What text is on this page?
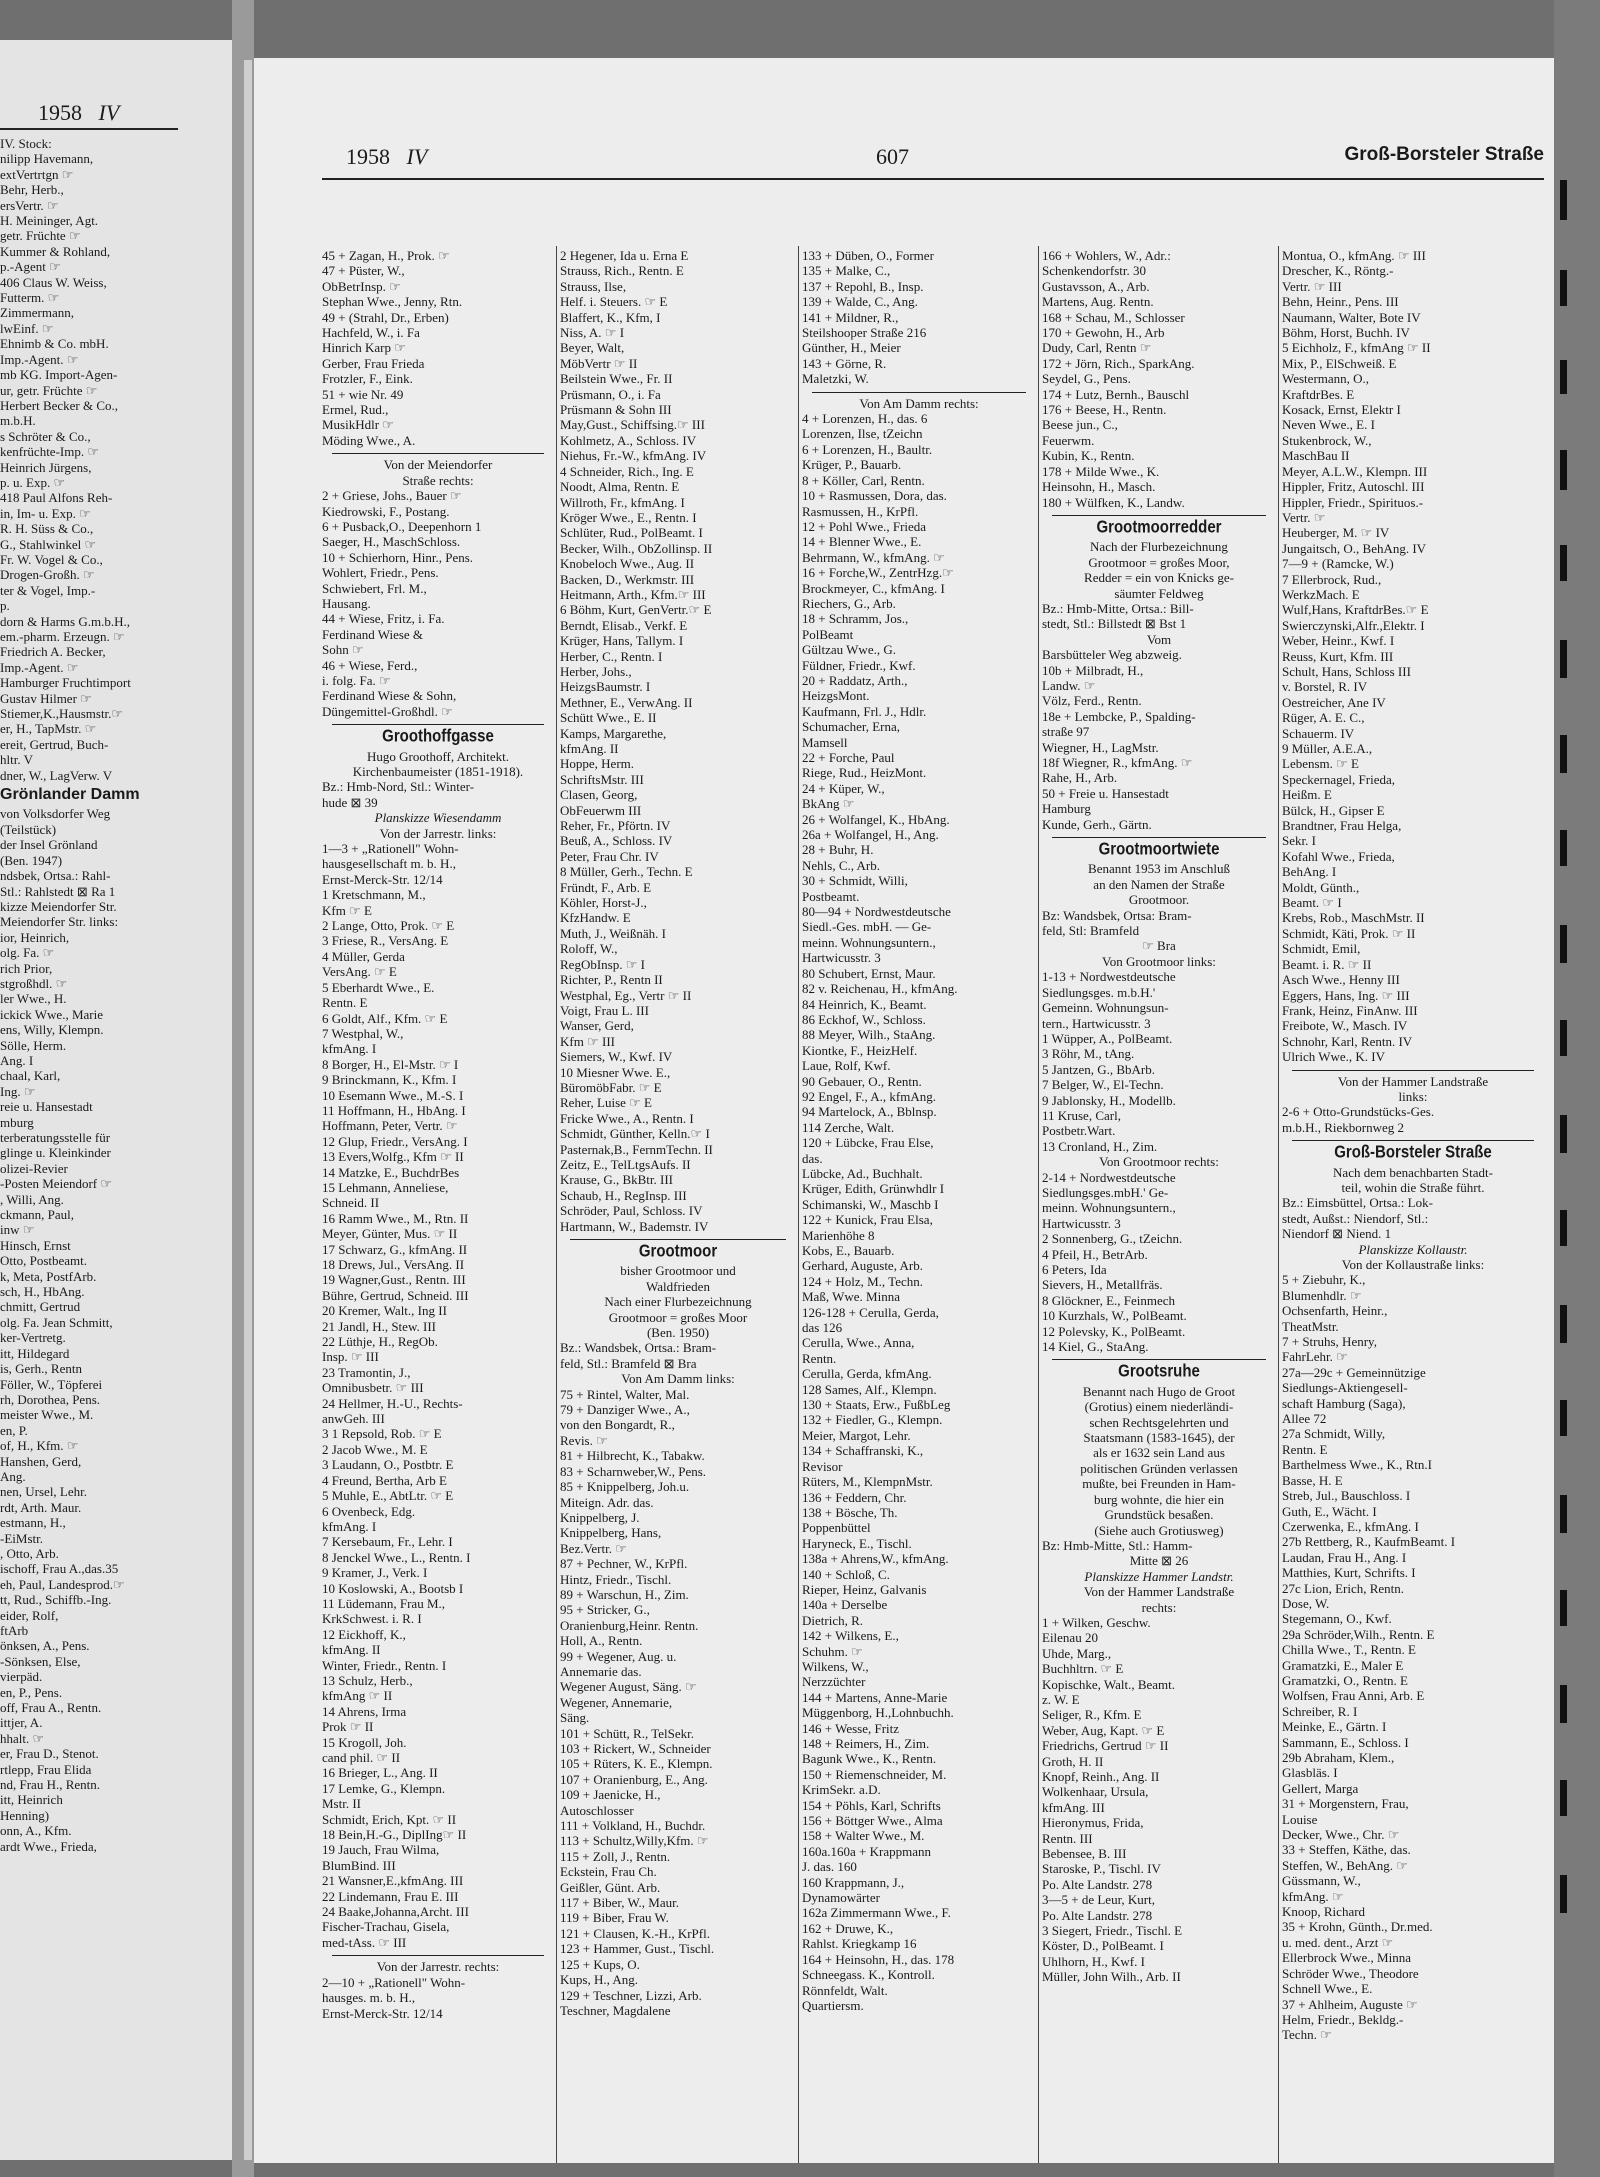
1958 IV
IV. Stock:
nilipp Havemann,
extVertrtgn ☞
Behr, Herb.,
ersVertr. ☞
H. Meininger, Agt.
getr. Früchte ☞
Kummer & Rohland,
p.-Agent ☞
406 Claus W. Weiss,
Futterm. ☞
Zimmermann,
lwEinf. ☞
Ehnimb & Co. mbH.
Imp.-Agent. ☞
mb KG. Import-Agen-
ur, getr. Früchte ☞
Herbert Becker & Co.,
m.b.H.
s Schröter & Co.,
kenfrüchte-Imp. ☞
Heinrich Jürgens,
p. u. Exp. ☞
418 Paul Alfons Reh-
in, Im- u. Exp. ☞
R. H. Süss & Co.,
G., Stahlwinkel ☞
Fr. W. Vogel & Co.,
Drogen-Großh. ☞
ter & Vogel, Imp.-
p.
dorn & Harms G.m.b.H.,
em.-pharm. Erzeugn. ☞
Friedrich A. Becker,
Imp.-Agent. ☞
Hamburger Fruchtimport
Gustav Hilmer ☞
Stiemer,K.,Hausmstr.☞
er, H., TapMstr. ☞
ereit, Gertrud, Buch-
hltr. V
dner, W., LagVerw. V
Grönlander Damm
von Volksdorfer Weg
(Teilstück)
der Insel Grönland
(Ben. 1947)
ndsbek, Ortsa.: Rahl-
Stl.: Rahlstedt ⊠ Ra 1
kizze Meiendorfer Str.
Meiendorfer Str. links:
ior, Heinrich,
olg. Fa. ☞
rich Prior,
stgroßhdl. ☞
ler Wwe., H.
ickick Wwe., Marie
ens, Willy, Klempn.
Sölle, Herm.
Ang. I
chaal, Karl,
Ing. ☞
reie u. Hansestadt
mburg
terberatungsstelle für
glinge u. Kleinkinder
olizei-Revier
-Posten Meiendorf ☞
, Willi, Ang.
ckmann, Paul,
inw ☞
Hinsch, Ernst
Otto, Postbeamt.
k, Meta, PostfArb.
sch, H., HbAng.
chmitt, Gertrud
olg. Fa. Jean Schmitt,
ker-Vertretg.
itt, Hildegard
is, Gerh., Rentn
Föller, W., Töpferei
rh, Dorothea, Pens.
meister Wwe., M.
en, P.
of, H., Kfm. ☞
Hanshen, Gerd,
Ang.
nen, Ursel, Lehr.
rdt, Arth. Maur.
estmann, H.,
-EiMstr.
, Otto, Arb.
ischoff, Frau A.,das.35
eh, Paul, Landesprod.☞
tt, Rud., Schiffb.-Ing.
eider, Rolf,
ftArb
önksen, A., Pens.
-Sönksen, Else,
vierpäd.
en, P., Pens.
off, Frau A., Rentn.
ittjer, A.
hhalt. ☞
er, Frau D., Stenot.
rtlepp, Frau Elida
nd, Frau H., Rentn.
itt, Heinrich
Henning)
onn, A., Kfm.
ardt Wwe., Frieda,
1958 IV	607	Groß-Borsteler Straße
45 + Zagan, H., Prok. ☞
47 + Püster, W.,
ObBetrInsp. ☞
Stephan Wwe., Jenny, Rtn.
49 + (Strahl, Dr., Erben)
Hachfeld, W., i. Fa
Hinrich Karp ☞
Gerber, Frau Frieda
Frotzler, F., Eink.
51 + wie Nr. 49
Ermel, Rud.,
MusikHdlr ☞
Möding Wwe., A.
Von der Meiendorfer
Straße rechts:
2 + Griese, Johs., Bauer ☞
Kiedrowski, F., Postang.
6 + Pusback,O., Deepenhorn 1
Saeger, H., MaschSchloss.
10 + Schierhorn, Hinr., Pens.
Wohlert, Friedr., Pens.
Schwiebert, Frl. M.,
Hausang.
44 + Wiese, Fritz, i. Fa.
Ferdinand Wiese &
Sohn ☞
46 + Wiese, Ferd.,
i. folg. Fa. ☞
Ferdinand Wiese & Sohn,
Düngemittel-Großhdl. ☞
Groothoffgasse
Hugo Groothoff, Architekt.
Kirchenbaumeister (1851-1918).
Bz.: Hmb-Nord, Stl.: Winter-
hude ⊠ 39
Planskizze Wiesendamm
Von der Jarrestr. links:
1—3 + „Rationell" Wohn-
hausgesellschaft m. b. H.,
Ernst-Merck-Str. 12/14
1 Kretschmann, M.,
Kfm ☞ E
2 Lange, Otto, Prok. ☞ E
3 Friese, R., VersAng. E
4 Müller, Gerda
VersAng. ☞ E
5 Eberhardt Wwe., E.
Rentn. E
6 Goldt, Alf., Kfm. ☞ E
7 Westphal, W.,
kfmAng. I
8 Borger, H., El-Mstr. ☞ I
9 Brinckmann, K., Kfm. I
10 Esemann Wwe., M.-S. I
11 Hoffmann, H., HbAng. I
Hoffmann, Peter, Vertr. ☞
12 Glup, Friedr., VersAng. I
13 Evers,Wolfg., Kfm ☞ II
14 Matzke, E., BuchdrBes
15 Lehmann, Anneliese,
Schneid. II
16 Ramm Wwe., M., Rtn. II
Meyer, Günter, Mus. ☞ II
17 Schwarz, G., kfmAng. II
18 Drews, Jul., VersAng. II
19 Wagner,Gust., Rentn. III
Bühre, Gertrud, Schneid. III
20 Kremer, Walt., Ing II
21 Jandl, H., Stew. III
22 Lüthje, H., RegOb.
Insp. ☞ III
23 Tramontin, J.,
Omnibusbetr. ☞ III
24 Hellmer, H.-U., Rechts-
anwGeh. III
3 1 Repsold, Rob. ☞ E
2 Jacob Wwe., M. E
3 Laudann, O., Postbtr. E
4 Freund, Bertha, Arb E
5 Muhle, E., AbtLtr. ☞ E
6 Ovenbeck, Edg.
kfmAng. I
7 Kersebaum, Fr., Lehr. I
8 Jenckel Wwe., L., Rentn. I
9 Kramer, J., Verk. I
10 Koslowski, A., Bootsb I
11 Lüdemann, Frau M.,
KrkSchwest. i. R. I
12 Eickhoff, K.,
kfmAng. II
Winter, Friedr., Rentn. I
13 Schulz, Herb.,
kfmAng ☞ II
14 Ahrens, Irma
Prok ☞ II
15 Krogoll, Joh.
cand phil. ☞ II
16 Brieger, L., Ang. II
17 Lemke, G., Klempn.
Mstr. II
Schmidt, Erich, Kpt. ☞ II
18 Bein,H.-G., DiplIng☞ II
19 Jauch, Frau Wilma,
BlumBind. III
21 Wansner,E.,kfmAng. III
22 Lindemann, Frau E. III
24 Baake,Johanna,Archt. III
Fischer-Trachau, Gisela,
med-tAss. ☞ III
Von der Jarrestr. rechts:
2—10 + „Rationell" Wohn-
hausges. m. b. H.,
Ernst-Merck-Str. 12/14
2 Hegener, Ida u. Erna E
Strauss, Rich., Rentn. E
Strauss, Ilse,
Helf. i. Steuers. ☞ E
Blaffert, K., Kfm, I
Niss, A. ☞ I
Beyer, Walt,
MöbVertr ☞ II
Beilstein Wwe., Fr. II
Prüsmann, O., i. Fa
Prüsmann & Sohn III
May,Gust., Schiffsing.☞ III
Kohlmetz, A., Schloss. IV
Niehus, Fr.-W., kfmAng. IV
4 Schneider, Rich., Ing. E
Noodt, Alma, Rentn. E
Willroth, Fr., kfmAng. I
Kröger Wwe., E., Rentn. I
Schlüter, Rud., PolBeamt. I
Becker, Wilh., ObZollinsp. II
Knobeloch Wwe., Aug. II
Backen, D., Werkmstr. III
Heitmann, Arth., Kfm.☞ III
6 Böhm, Kurt, GenVertr.☞ E
Berndt, Elisab., Verkf. E
Krüger, Hans, Tallym. I
Herber, C., Rentn. I
Herber, Johs.,
HeizgsBaumstr. I
Methner, E., VerwAng. II
Schütt Wwe., E. II
Kamps, Margarethe,
kfmAng. II
Hoppe, Herm.
SchriftsMstr. III
Clasen, Georg,
ObFeuerwm III
Reher, Fr., Pförtn. IV
Beuß, A., Schloss. IV
Peter, Frau Chr. IV
8 Müller, Gerh., Techn. E
Fründt, F., Arb. E
Köhler, Horst-J.,
KfzHandw. E
Muth, J., Weißnäh. I
Roloff, W.,
RegObInsp. ☞ I
Richter, P., Rentn II
Westphal, Eg., Vertr ☞ II
Voigt, Frau L. III
Wanser, Gerd,
Kfm ☞ III
Siemers, W., Kwf. IV
10 Miesner Wwe. E.,
BüromöbFabr. ☞ E
Reher, Luise ☞ E
Fricke Wwe., A., Rentn. I
Schmidt, Günther, Kelln.☞ I
Pasternak,B., FernmTechn. II
Zeitz, E., TelLtgsAufs. II
Krause, G., BkBtr. III
Schaub, H., RegInsp. III
Schröder, Paul, Schloss. IV
Hartmann, W., Bademstr. IV
Grootmoor
bisher Grootmoor und
Waldfrieden
Nach einer Flurbezeichnung
Grootmoor = großes Moor
(Ben. 1950)
Bz.: Wandsbek, Ortsa.: Bram-
feld, Stl.: Bramfeld ⊠ Bra
Von Am Damm links:
75 + Rintel, Walter, Mal.
79 + Danziger Wwe., A.,
von den Bongardt, R.,
Revis. ☞
81 + Hilbrecht, K., Tabakw.
83 + Scharnweber,W., Pens.
85 + Knippelberg, Joh.u.
Miteign. Adr. das.
Knippelberg, J.
Knippelberg, Hans,
Bez.Vertr. ☞
87 + Pechner, W., KrPfl.
Hintz, Friedr., Tischl.
89 + Warschun, H., Zim.
95 + Stricker, G.,
Oranienburg,Heinr. Rentn.
Holl, A., Rentn.
99 + Wegener, Aug. u.
Annemarie das.
Wegener August, Säng. ☞
Wegener, Annemarie,
Säng.
101 + Schütt, R., TelSekr.
103 + Rickert, W., Schneider
105 + Rüters, K. E., Klempn.
107 + Oranienburg, E., Ang.
109 + Jaenicke, H.,
Autoschlosser
111 + Volkland, H., Buchdr.
113 + Schultz,Willy,Kfm. ☞
115 + Zoll, J., Rentn.
Eckstein, Frau Ch.
Geißler, Günt. Arb.
117 + Biber, W., Maur.
119 + Biber, Frau W.
121 + Clausen, K.-H., KrPfl.
123 + Hammer, Gust., Tischl.
125 + Kups, O.
Kups, H., Ang.
129 + Teschner, Lizzi, Arb.
Teschner, Magdalene
133 + Düben, O., Former
135 + Malke, C.,
137 + Repohl, B., Insp.
139 + Walde, C., Ang.
141 + Mildner, R.,
Steilshooper Straße 216
Günther, H., Meier
143 + Görne, R.
Maletzki, W.
Von Am Damm rechts:
4 + Lorenzen, H., das. 6
Lorenzen, Ilse, tZeichn
6 + Lorenzen, H., Baultr.
Krüger, P., Bauarb.
8 + Köller, Carl, Rentn.
10 + Rasmussen, Dora, das.
Rasmussen, H., KrPfl.
12 + Pohl Wwe., Frieda
14 + Blenner Wwe., E.
Behrmann, W., kfmAng. ☞
16 + Forche,W., ZentrHzg.☞
Brockmeyer, C., kfmAng. I
Riechers, G., Arb.
18 + Schramm, Jos.,
PolBeamt
Gültzau Wwe., G.
Füldner, Friedr., Kwf.
20 + Raddatz, Arth.,
HeizgsMont.
Kaufmann, Frl. J., Hdlr.
Schumacher, Erna,
Mamsell
22 + Forche, Paul
Riege, Rud., HeizMont.
24 + Küper, W.,
BkAng ☞
26 + Wolfangel, K., HbAng.
26a + Wolfangel, H., Ang.
28 + Buhr, H.
Nehls, C., Arb.
30 + Schmidt, Willi,
Postbeamt.
80—94 + Nordwestdeutsche
Siedl.-Ges. mbH. — Ge-
meinn. Wohnungsuntern.,
Hartwicusstr. 3
80 Schubert, Ernst, Maur.
82 v. Reichenau, H., kfmAng.
84 Heinrich, K., Beamt.
86 Eckhof, W., Schloss.
88 Meyer, Wilh., StaAng.
Kiontke, F., HeizHelf.
Laue, Rolf, Kwf.
90 Gebauer, O., Rentn.
92 Engel, F., A., kfmAng.
94 Martelock, A., Bblnsp.
114 Zerche, Walt.
120 + Lübcke, Frau Else,
das.
Lübcke, Ad., Buchhalt.
Krüger, Edith, Grünwhdlr I
Schimanski, W., Maschb I
122 + Kunick, Frau Elsa,
Marienhöhe 8
Kobs, E., Bauarb.
Gerhard, Auguste, Arb.
124 + Holz, M., Techn.
Maß, Wwe. Minna
126-128 + Cerulla, Gerda,
das 126
Cerulla, Wwe., Anna,
Rentn.
Cerulla, Gerda, kfmAng.
128 Sames, Alf., Klempn.
130 + Staats, Erw., FußbLeg
132 + Fiedler, G., Klempn.
Meier, Margot, Lehr.
134 + Schaffranski, K.,
Revisor
Rüters, M., KlempnMstr.
136 + Feddern, Chr.
138 + Bösche, Th.
Poppenbüttel
Haryneck, E., Tischl.
138a + Ahrens,W., kfmAng.
140 + Schloß, C.
Rieper, Heinz, Galvanis
140a + Derselbe
Dietrich, R.
142 + Wilkens, E.,
Schuhm. ☞
Wilkens, W.,
Nerzzüchter
144 + Martens, Anne-Marie
Müggenborg, H.,Lohnbuchh.
146 + Wesse, Fritz
148 + Reimers, H., Zim.
Bagunk Wwe., K., Rentn.
150 + Riemenschneider, M.
KrimSekr. a.D.
154 + Pöhls, Karl, Schrifts
156 + Böttger Wwe., Alma
158 + Walter Wwe., M.
160a.160a + Krappmann
J. das. 160
160 Krappmann, J.,
Dynamowärter
162a Zimmermann Wwe., F.
162 + Druwe, K.,
Rahlst. Kriegkamp 16
164 + Heinsohn, H., das. 178
Schneegass. K., Kontroll.
Rönnfeldt, Walt.
Quartiersm.
166 + Wohlers, W., Adr.:
Schenkendorfstr. 30
Gustavsson, A., Arb.
Martens, Aug. Rentn.
168 + Schau, M., Schlosser
170 + Gewohn, H., Arb
Dudy, Carl, Rentn ☞
172 + Jörn, Rich., SparkAng.
Seydel, G., Pens.
174 + Lutz, Bernh., Bauschl
176 + Beese, H., Rentn.
Beese jun., C.,
Feuerwm.
Kubin, K., Rentn.
178 + Milde Wwe., K.
Heinsohn, H., Masch.
180 + Wülfken, K., Landw.
Grootmoorredder
Nach der Flurbezeichnung
Grootmoor = großes Moor,
Redder = ein von Knicks ge-
säumter Feldweg
Bz.: Hmb-Mitte, Ortsa.: Bill-
stedt, Stl.: Billstedt ⊠ Bst 1
Vom
Barsbütteler Weg abzweig.
10b + Milbradt, H.,
Landw. ☞
Völz, Ferd., Rentn.
18e + Lembcke, P., Spalding-
straße 97
Wiegner, H., LagMstr.
18f Wiegner, R., kfmAng. ☞
Rahe, H., Arb.
50 + Freie u. Hansestadt
Hamburg
Kunde, Gerh., Gärtn.
Grootmoortwiete
Benannt 1953 im Anschluß
an den Namen der Straße
Grootmoor.
Bz: Wandsbek, Ortsa: Bram-
feld, Stl: Bramfeld
☞ Bra
Von Grootmoor links:
1-13 + Nordwestdeutsche
Siedlungsges. m.b.H.'
Gemeinn. Wohnungsun-
tern., Hartwicusstr. 3
1 Wüpper, A., PolBeamt.
3 Röhr, M., tAng.
5 Jantzen, G., BbArb.
7 Belger, W., El-Techn.
9 Jablonsky, H., Modellb.
11 Kruse, Carl,
Postbetr.Wart.
13 Cronland, H., Zim.
Von Grootmoor rechts:
2-14 + Nordwestdeutsche
Siedlungsges.mbH.' Ge-
meinn. Wohnungsuntern.,
Hartwicusstr. 3
2 Sonnenberg, G., tZeichn.
4 Pfeil, H., BetrArb.
6 Peters, Ida
Sievers, H., Metallfräs.
8 Glöckner, E., Feinmech
10 Kurzhals, W., PolBeamt.
12 Polevsky, K., PolBeamt.
14 Kiel, G., StaAng.
Grootsruhe
Benannt nach Hugo de Groot
(Grotius) einem niederländi-
schen Rechtsgelehrten und
Staatsmann (1583-1645), der
als er 1632 sein Land aus
politischen Gründen verlassen
mußte, bei Freunden in Ham-
burg wohnte, die hier ein
Grundstück besaßen.
(Siehe auch Grotiusweg)
Bz: Hmb-Mitte, Stl.: Hamm-
Mitte ⊠ 26
Planskizze Hammer Landstr.
Von der Hammer Landstraße
rechts:
1 + Wilken, Geschw.
Eilenau 20
Uhde, Marg.,
Buchhltrn. ☞ E
Kopischke, Walt., Beamt.
z. W. E
Seliger, R., Kfm. E
Weber, Aug, Kapt. ☞ E
Friedrichs, Gertrud ☞ II
Groth, H. II
Knopf, Reinh., Ang. II
Wolkenhaar, Ursula,
kfmAng. III
Hieronymus, Frida,
Rentn. III
Bebensee, B. III
Staroske, P., Tischl. IV
Po. Alte Landstr. 278
3—5 + de Leur, Kurt,
Po. Alte Landstr. 278
3 Siegert, Friedr., Tischl. E
Köster, D., PolBeamt. I
Uhlhorn, H., Kwf. I
Müller, John Wilh., Arb. II
Montua, O., kfmAng. ☞ III
Drescher, K., Röntg.-
Vertr. ☞ III
Behn, Heinr., Pens. III
Naumann, Walter, Bote IV
Böhm, Horst, Buchh. IV
5 Eichholz, F., kfmAng ☞ II
Mix, P., ElSchweiß. E
Westermann, O.,
KraftdrBes. E
Kosack, Ernst, Elektr I
Neven Wwe., E. I
Stukenbrock, W.,
MaschBau II
Meyer, A.L.W., Klempn. III
Hippler, Fritz, Autoschl. III
Hippler, Friedr., Spirituos.-
Vertr. ☞
Heuberger, M. ☞ IV
Jungaitsch, O., BehAng. IV
7—9 + (Ramcke, W.)
7 Ellerbrock, Rud.,
WerkzMach. E
Wulf,Hans, KraftdrBes.☞ E
Swierczynski,Alfr.,Elektr. I
Weber, Heinr., Kwf. I
Reuss, Kurt, Kfm. III
Schult, Hans, Schloss III
v. Borstel, R. IV
Oestreicher, Ane IV
Rüger, A. E. C.,
Schauerm. IV
9 Müller, A.E.A.,
Lebensm. ☞ E
Speckernagel, Frieda,
Heißm. E
Bülck, H., Gipser E
Brandtner, Frau Helga,
Sekr. I
Kofahl Wwe., Frieda,
BehAng. I
Moldt, Günth.,
Beamt. ☞ I
Krebs, Rob., MaschMstr. II
Schmidt, Käti, Prok. ☞ II
Schmidt, Emil,
Beamt. i. R. ☞ II
Asch Wwe., Henny III
Eggers, Hans, Ing. ☞ III
Frank, Heinz, FinAnw. III
Freibote, W., Masch. IV
Schnohr, Karl, Rentn. IV
Ulrich Wwe., K. IV
Von der Hammer Landstraße
links:
2-6 + Otto-Grundstücks-Ges.
m.b.H., Riekbornweg 2
Groß-Borsteler Straße
Nach dem benachbarten Stadt-
teil, wohin die Straße führt.
Bz.: Eimsbüttel, Ortsa.: Lok-
stedt, Außst.: Niendorf, Stl.:
Niendorf ⊠ Niend. 1
Planskizze Kollaustr.
Von der Kollaustraße links:
5 + Ziebuhr, K.,
Blumenhdlr. ☞
Ochsenfarth, Heinr.,
TheatMstr.
7 + Struhs, Henry,
FahrLehr. ☞
27a—29c + Gemeinnützige
Siedlungs-Aktiengesell-
schaft Hamburg (Saga),
Allee 72
27a Schmidt, Willy,
Rentn. E
Barthelmess Wwe., K., Rtn.I
Basse, H. E
Streb, Jul., Bauschloss. I
Guth, E., Wächt. I
Czerwenka, E., kfmAng. I
27b Rettberg, R., KaufmBeamt. I
Laudan, Frau H., Ang. I
Matthies, Kurt, Schrifts. I
27c Lion, Erich, Rentn.
Dose, W.
Stegemann, O., Kwf.
29a Schröder,Wilh., Rentn. E
Chilla Wwe., T., Rentn. E
Gramatzki, E., Maler E
Gramatzki, O., Rentn. E
Wolfsen, Frau Anni, Arb. E
Schreiber, R. I
Meinke, E., Gärtn. I
Sammann, E., Schloss. I
29b Abraham, Klem.,
Glasbläs. I
Gellert, Marga
31 + Morgenstern, Frau,
Louise
Decker, Wwe., Chr. ☞
33 + Steffen, Käthe, das.
Steffen, W., BehAng. ☞
Güssmann, W.,
kfmAng. ☞
Knoop, Richard
35 + Krohn, Günth., Dr.med.
u. med. dent., Arzt ☞
Ellerbrock Wwe., Minna
Schröder Wwe., Theodore
Schnell Wwe., E.
37 + Ahlheim, Auguste ☞
Helm, Friedr., Bekldg.-
Techn. ☞
